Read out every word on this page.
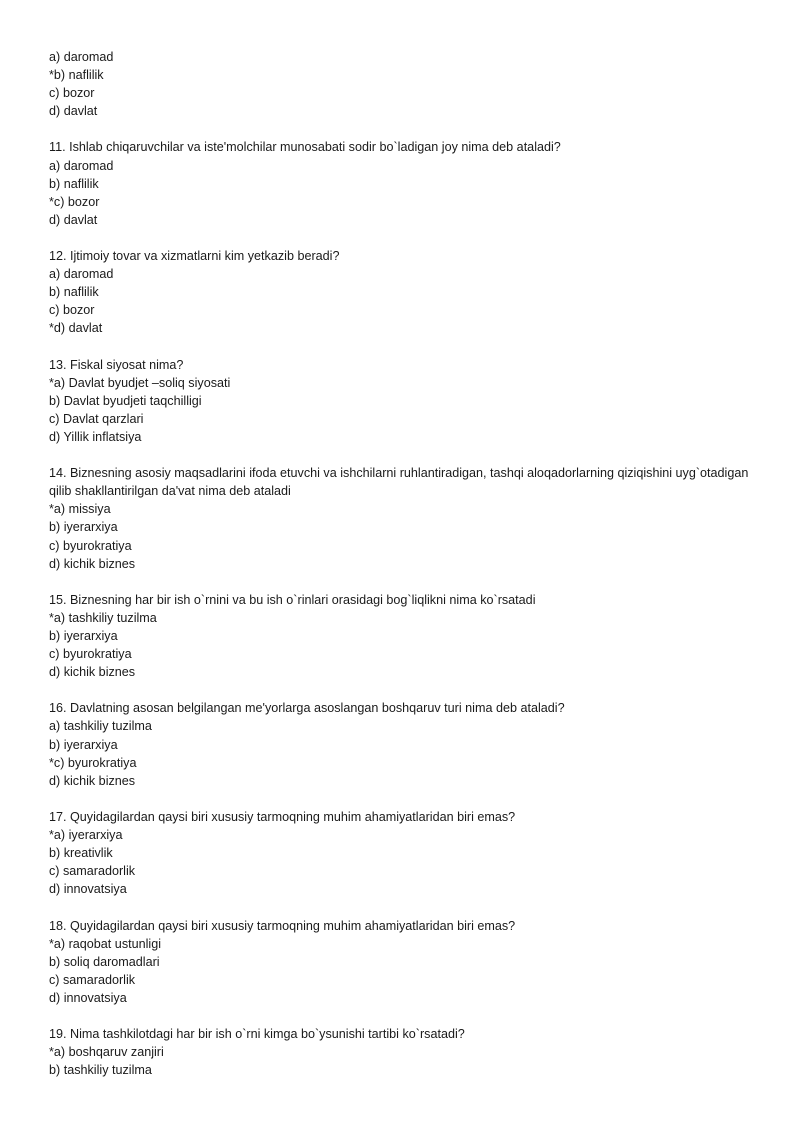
a) daromad
*b) naflilik
c) bozor
d) davlat
11. Ishlab chiqaruvchilar va iste'molchilar munosabati sodir bo`ladigan joy nima deb ataladi?
a) daromad
b) naflilik
*c) bozor
d) davlat
12. Ijtimoiy tovar va xizmatlarni kim yetkazib beradi?
a) daromad
b) naflilik
c) bozor
*d) davlat
13. Fiskal siyosat nima?
*a) Davlat byudjet –soliq siyosati
b) Davlat byudjeti taqchilligi
c) Davlat qarzlari
d) Yillik inflatsiya
14. Biznesning asosiy maqsadlarini ifoda etuvchi va ishchilarni ruhlantiradigan, tashqi aloqadorlarning qiziqishini uyg`otadigan qilib shakllantirilgan da'vat nima deb ataladi
*a) missiya
b) iyerarxiya
c) byurokratiya
d) kichik biznes
15. Biznesning har bir ish o`rnini va bu ish o`rinlari orasidagi bog`liqlikni nima ko`rsatadi
*a) tashkiliy tuzilma
b) iyerarxiya
c) byurokratiya
d) kichik biznes
16. Davlatning asosan belgilangan me'yorlarga asoslangan boshqaruv turi nima deb ataladi?
a) tashkiliy tuzilma
b) iyerarxiya
*c) byurokratiya
d) kichik biznes
17. Quyidagilardan qaysi biri xususiy tarmoqning muhim ahamiyatlaridan biri emas?
*a) iyerarxiya
b) kreativlik
c) samaradorlik
d) innovatsiya
18. Quyidagilardan qaysi biri xususiy tarmoqning muhim ahamiyatlaridan biri emas?
*a) raqobat ustunligi
b) soliq daromadlari
c) samaradorlik
d) innovatsiya
19. Nima tashkilotdagi har bir ish o`rni kimga bo`ysunishi tartibi ko`rsatadi?
*a) boshqaruv zanjiri
b) tashkiliy tuzilma
